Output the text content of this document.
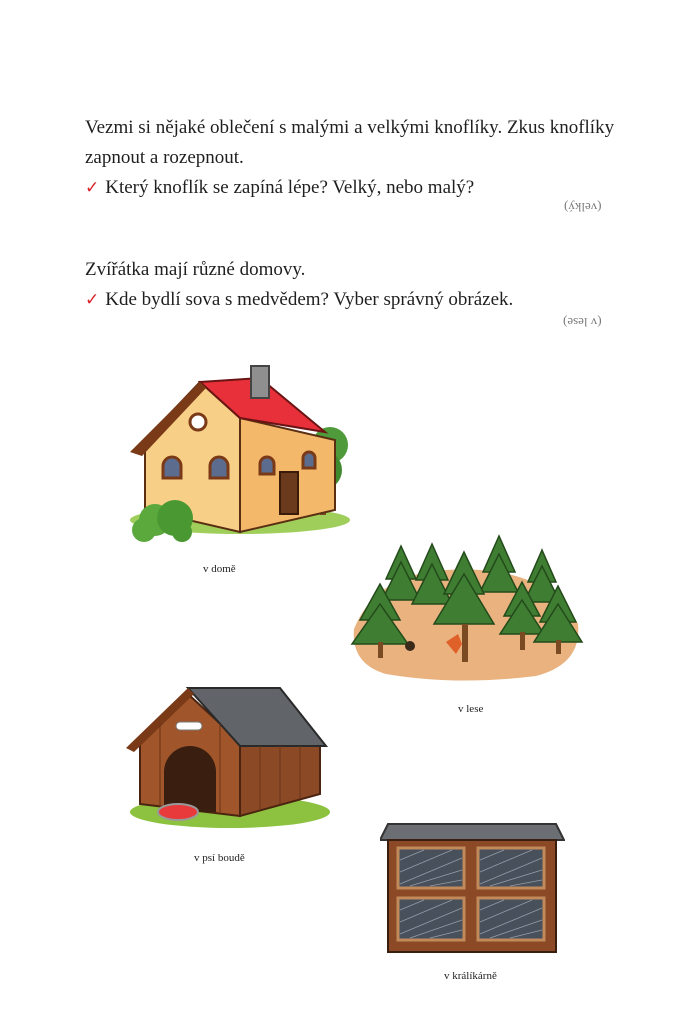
Vezmi si nějaké oblečení s malými a velkými knoflíky. Zkus knoflíky zapnout a rozepnout.
✓ Který knoflík se zapíná lépe? Velký, nebo malý?
(velký)
Zvířátka mají různé domovy.
✓ Kde bydlí sova s medvědem? Vyber správný obrázek.
(v lese)
v domě
v lese
v psí boudě
v králíkárně
